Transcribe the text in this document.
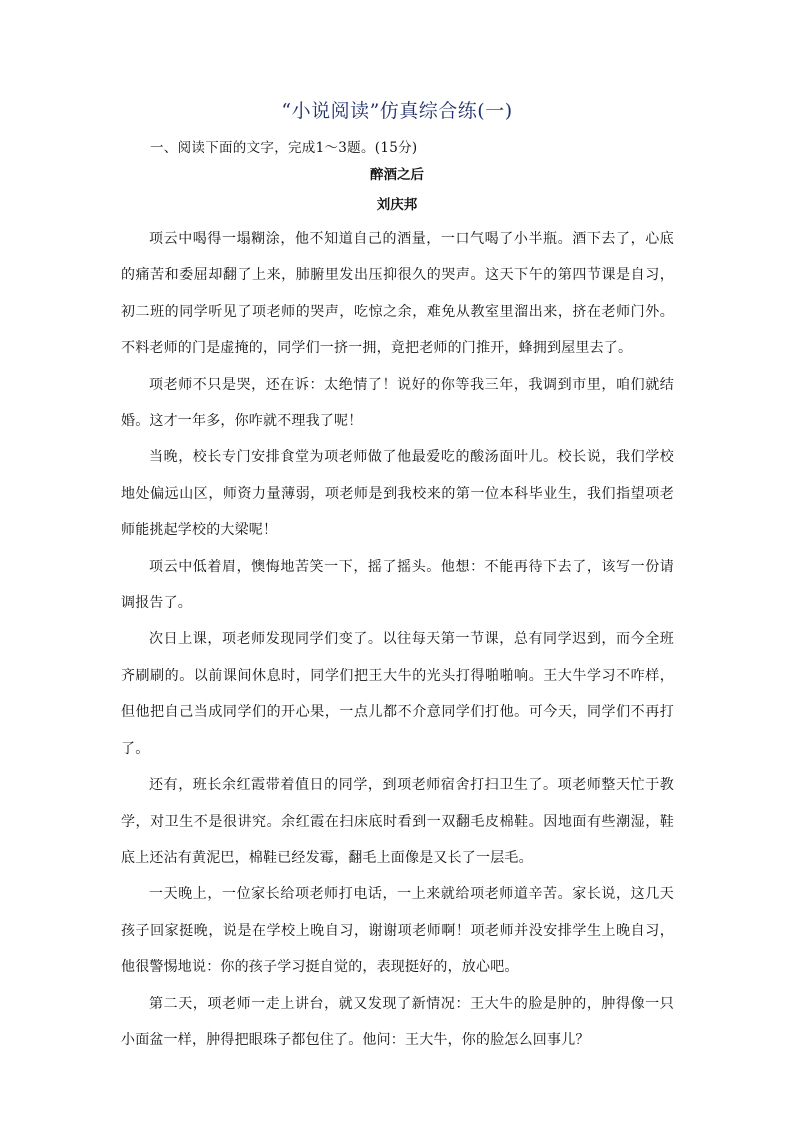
“小说阅读”仿真综合练(一)
一、阅读下面的文字，完成1～3题。(15分)
醉酒之后
刘庆邦

项云中喝得一塌糊涂，他不知道自己的酒量，一口气喝了小半瓶。酒下去了，心底的痛苦和委屈却翻了上来，肺腑里发出压抑很久的哭声。这天下午的第四节课是自习，初二班的同学听见了项老师的哭声，吃惊之余，难免从教室里溜出来，挤在老师门外。不料老师的门是虚掩的，同学们一挤一拥，竟把老师的门推开，蜂拥到屋里去了。

项老师不只是哭，还在诉：太绝情了！说好的你等我三年，我调到市里，咱们就结婚。这才一年多，你咋就不理我了呢！

当晚，校长专门安排食堂为项老师做了他最爱吃的酸汤面叶儿。校长说，我们学校地处偏远山区，师资力量薄弱，项老师是到我校来的第一位本科毕业生，我们指望项老师能挑起学校的大梁呢！

项云中低着眉，懊悔地苦笑一下，摇了摇头。他想：不能再待下去了，该写一份请调报告了。

次日上课，项老师发现同学们变了。以往每天第一节课，总有同学迟到，而今全班齐刷刷的。以前课间休息时，同学们把王大牛的光头打得啪啪响。王大牛学习不咋样，但他把自己当成同学们的开心果，一点儿都不介意同学们打他。可今天，同学们不再打了。

还有，班长余红霞带着值日的同学，到项老师宿舍打扫卫生了。项老师整天忙于教学，对卫生不是很讲究。余红霞在扫床底时看到一双翻毛皮棉鞋。因地面有些潮湿，鞋底上还沾有黄泥巴，棉鞋已经发霉，翻毛上面像是又长了一层毛。

一天晚上，一位家长给项老师打电话，一上来就给项老师道辛苦。家长说，这几天孩子回家挺晚，说是在学校上晚自习，谢谢项老师啊！项老师并没安排学生上晚自习，他很警惕地说：你的孩子学习挺自觉的，表现挺好的，放心吧。

第二天，项老师一走上讲台，就又发现了新情况：王大牛的脸是肿的，肿得像一只小面盆一样，肿得把眼珠子都包住了。他问：王大牛，你的脸怎么回事儿？
